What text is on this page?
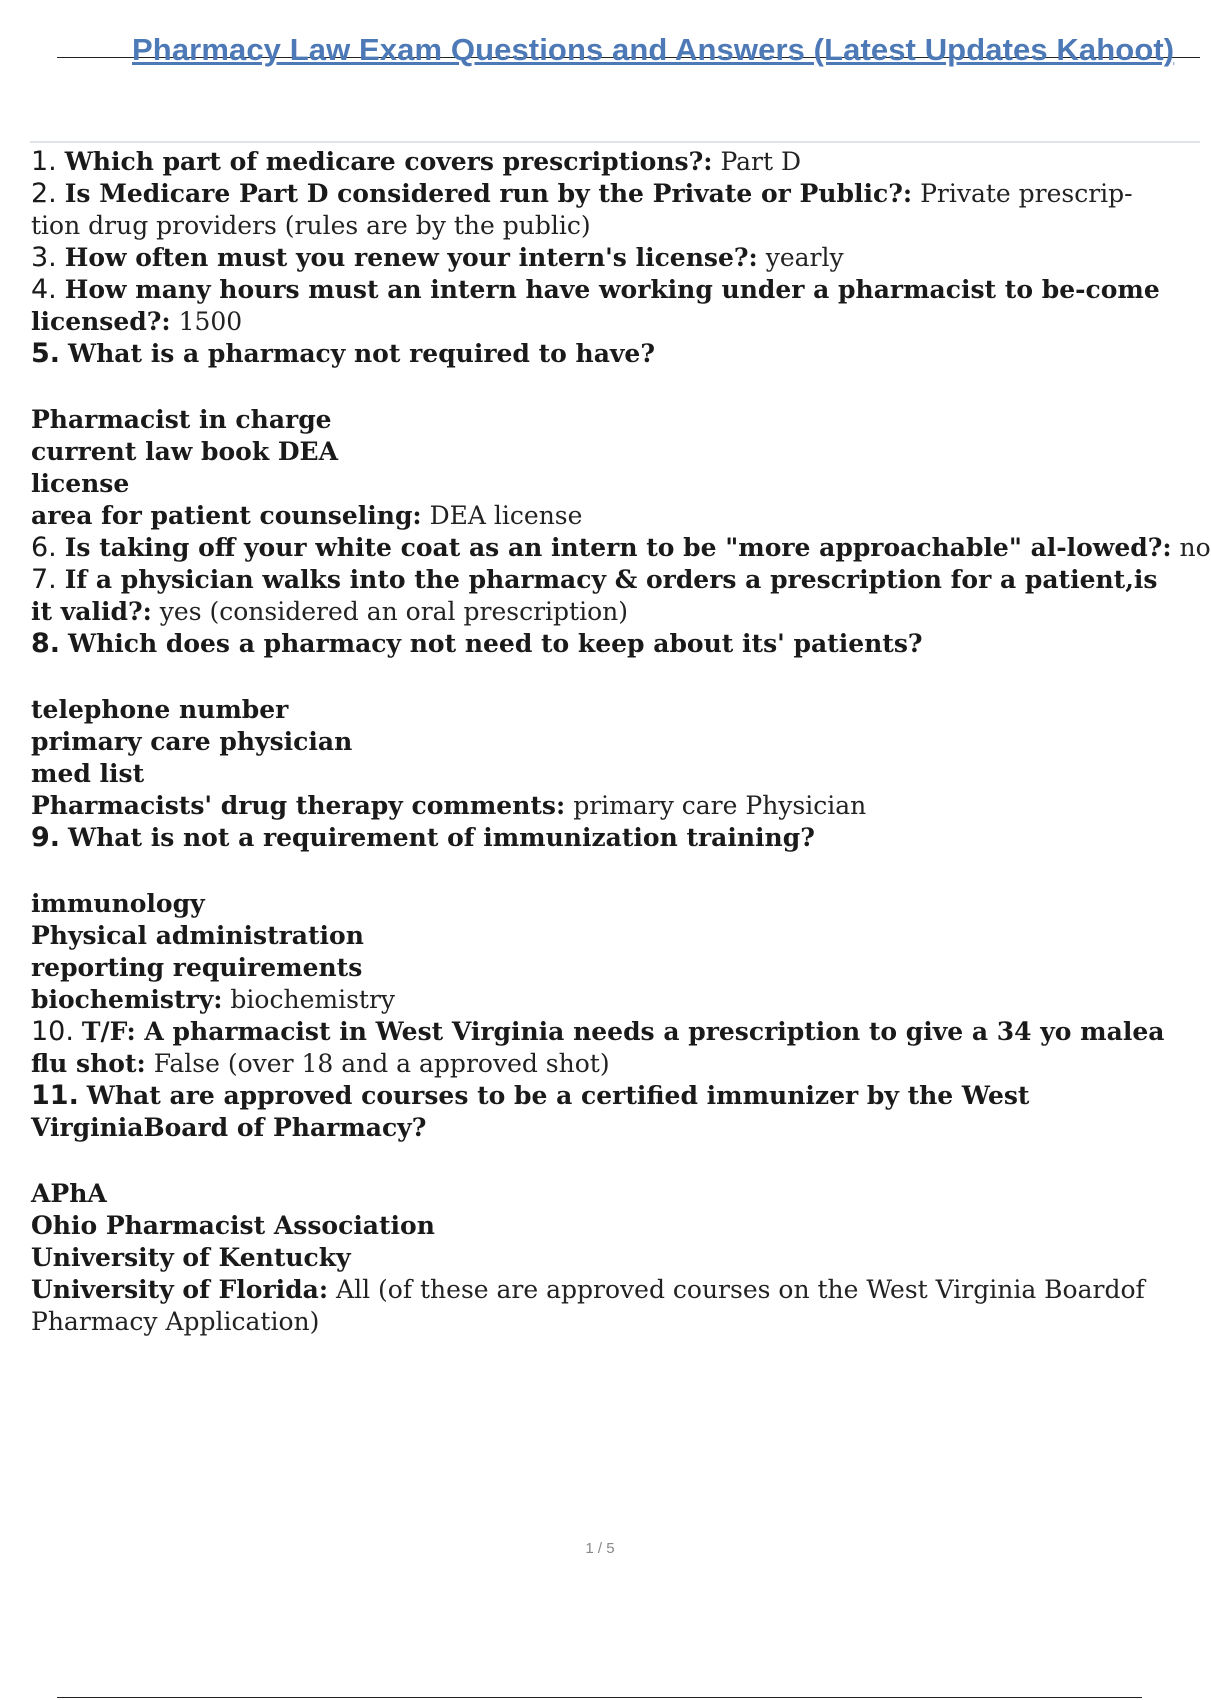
Pharmacy Law Exam Questions and Answers (Latest Updates Kahoot)

1. Which part of medicare covers prescriptions?: Part D

2. Is Medicare Part D considered run by the Private or Public?: Private prescrip-tion drug providers (rules are by the public)

3. How often must you renew your intern's license?: yearly

4. How many hours must an intern have working under a pharmacist to be-come licensed?: 1500

5. What is a pharmacy not required to have?

Pharmacist in charge
current law book DEA
license

area for patient counseling: DEA license

6. Is taking off your white coat as an intern to be "more approachable" al-lowed?: no

7. If a physician walks into the pharmacy & orders a prescription for a patient,is it valid?: yes (considered an oral prescription)

8. Which does a pharmacy not need to keep about its' patients?

telephone number
primary care physician
med list

Pharmacists' drug therapy comments: primary care Physician

9. What is not a requirement of immunization training?

immunology
Physical administration
reporting requirements

biochemistry: biochemistry

10. T/F: A pharmacist in West Virginia needs a prescription to give a 34 yo malea flu shot: False (over 18 and a approved shot)

11. What are approved courses to be a certified immunizer by the West VirginiaBoard of Pharmacy?

APhA
Ohio Pharmacist Association
University of Kentucky

University of Florida: All (of these are approved courses on the West Virginia Boardof Pharmacy Application)

1 / 5
